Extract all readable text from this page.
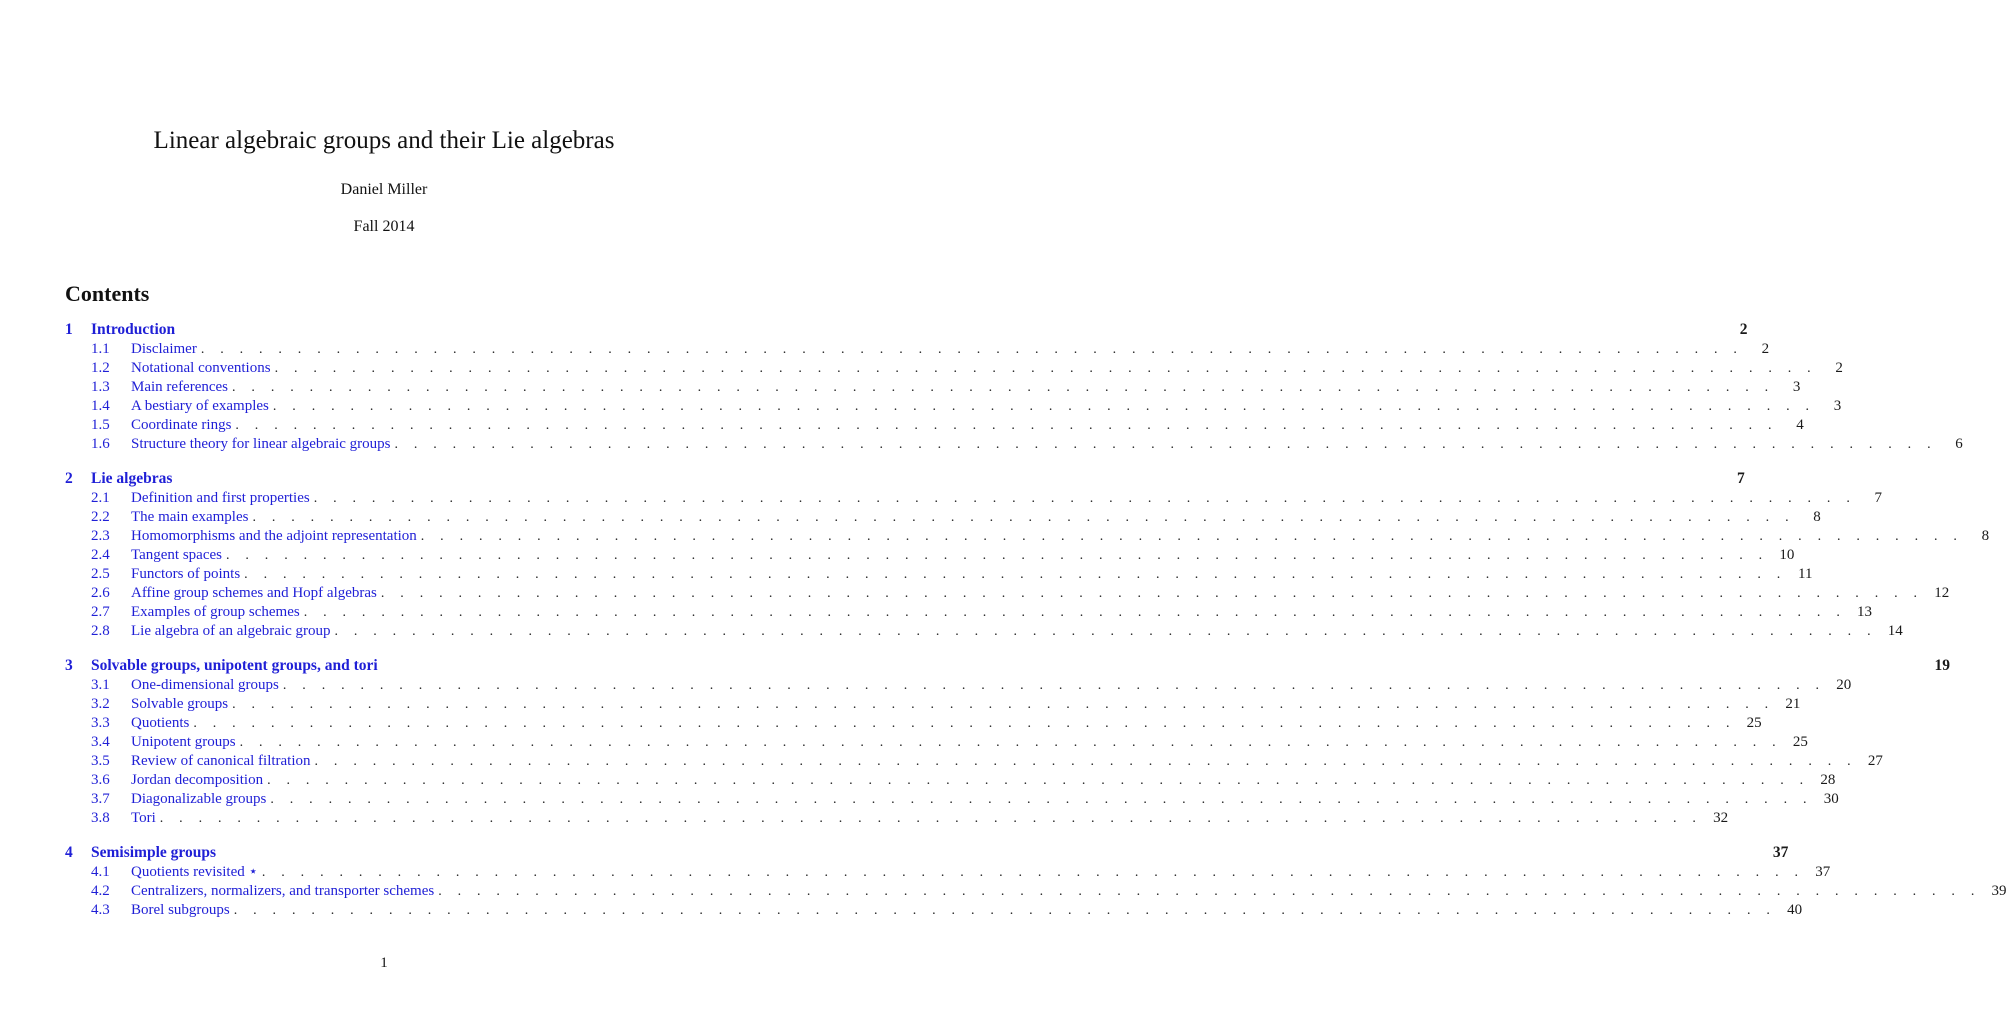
Linear algebraic groups and their Lie algebras
Daniel Miller
Fall 2014
Contents
1	Introduction	2
1.1	Disclaimer . . . . . . . . . . . . . . . . . . . . . . . . . . . . . . . . . . . . . . . . . . . . . . . . . . . . . . . . . . . . . . . . . . . . . . . . . . . . . . . .	2
1.2	Notational conventions . . . . . . . . . . . . . . . . . . . . . . . . . . . . . . . . . . . . . . . . . . . . . . . . . . . . . . . . . . . . . . . . . . . . . . . . . . . . . . . .	2
1.3	Main references . . . . . . . . . . . . . . . . . . . . . . . . . . . . . . . . . . . . . . . . . . . . . . . . . . . . . . . . . . . . . . . . . . . . . . . . . . . . . . . .	3
1.4	A bestiary of examples . . . . . . . . . . . . . . . . . . . . . . . . . . . . . . . . . . . . . . . . . . . . . . . . . . . . . . . . . . . . . . . . . . . . . . . . . . . . . . . .	3
1.5	Coordinate rings . . . . . . . . . . . . . . . . . . . . . . . . . . . . . . . . . . . . . . . . . . . . . . . . . . . . . . . . . . . . . . . . . . . . . . . . . . . . . . . .	4
1.6	Structure theory for linear algebraic groups . . . . . . . . . . . . . . . . . . . . . . . . . . . . . . . . . . . . . . . . . . . . . . . . . . . . . . . . . . . . . . . . . . . . . . . . . . . . . . . .	6
2	Lie algebras	7
2.1	Definition and first properties . . . . . . . . . . . . . . . . . . . . . . . . . . . . . . . . . . . . . . . . . . . . . . . . . . . . . . . . . . . . . . . . . . . . . . . . . . . . . . . .	7
2.2	The main examples . . . . . . . . . . . . . . . . . . . . . . . . . . . . . . . . . . . . . . . . . . . . . . . . . . . . . . . . . . . . . . . . . . . . . . . . . . . . . . . .	8
2.3	Homomorphisms and the adjoint representation . . . . . . . . . . . . . . . . . . . . . . . . . . . . . . . . . . . . . . . . . . . . . . . . . . . . . . . . . . . . . . . . . . . . . . . . . . . . . . . .	8
2.4	Tangent spaces . . . . . . . . . . . . . . . . . . . . . . . . . . . . . . . . . . . . . . . . . . . . . . . . . . . . . . . . . . . . . . . . . . . . . . . . . . . . . . . . 10
2.5	Functors of points . . . . . . . . . . . . . . . . . . . . . . . . . . . . . . . . . . . . . . . . . . . . . . . . . . . . . . . . . . . . . . . . . . . . . . . . . . . . . . . . 11
2.6	Affine group schemes and Hopf algebras . . . . . . . . . . . . . . . . . . . . . . . . . . . . . . . . . . . . . . . . . . . . . . . . . . . . . . . . . . . . . . . . . . . . . . . . . . . . . . . . 12
2.7	Examples of group schemes . . . . . . . . . . . . . . . . . . . . . . . . . . . . . . . . . . . . . . . . . . . . . . . . . . . . . . . . . . . . . . . . . . . . . . . . . . . . . . . . 13
2.8	Lie algebra of an algebraic group . . . . . . . . . . . . . . . . . . . . . . . . . . . . . . . . . . . . . . . . . . . . . . . . . . . . . . . . . . . . . . . . . . . . . . . . . . . . . . . . 14
3	Solvable groups, unipotent groups, and tori	19
3.1	One-dimensional groups . . . . . . . . . . . . . . . . . . . . . . . . . . . . . . . . . . . . . . . . . . . . . . . . . . . . . . . . . . . . . . . . . . . . . . . . . . . . . . . . 20
3.2	Solvable groups . . . . . . . . . . . . . . . . . . . . . . . . . . . . . . . . . . . . . . . . . . . . . . . . . . . . . . . . . . . . . . . . . . . . . . . . . . . . . . . . 21
3.3	Quotients . . . . . . . . . . . . . . . . . . . . . . . . . . . . . . . . . . . . . . . . . . . . . . . . . . . . . . . . . . . . . . . . . . . . . . . . . . . . . . . . 25
3.4	Unipotent groups . . . . . . . . . . . . . . . . . . . . . . . . . . . . . . . . . . . . . . . . . . . . . . . . . . . . . . . . . . . . . . . . . . . . . . . . . . . . . . . . 25
3.5	Review of canonical filtration . . . . . . . . . . . . . . . . . . . . . . . . . . . . . . . . . . . . . . . . . . . . . . . . . . . . . . . . . . . . . . . . . . . . . . . . . . . . . . . . 27
3.6	Jordan decomposition . . . . . . . . . . . . . . . . . . . . . . . . . . . . . . . . . . . . . . . . . . . . . . . . . . . . . . . . . . . . . . . . . . . . . . . . . . . . . . . . 28
3.7	Diagonalizable groups . . . . . . . . . . . . . . . . . . . . . . . . . . . . . . . . . . . . . . . . . . . . . . . . . . . . . . . . . . . . . . . . . . . . . . . . . . . . . . . . 30
3.8	Tori . . . . . . . . . . . . . . . . . . . . . . . . . . . . . . . . . . . . . . . . . . . . . . . . . . . . . . . . . . . . . . . . . . . . . . . . . . . . . . . . 32
4	Semisimple groups	37
4.1	Quotients revisited ⋆ . . . . . . . . . . . . . . . . . . . . . . . . . . . . . . . . . . . . . . . . . . . . . . . . . . . . . . . . . . . . . . . . . . . . . . . . . . . . . . . . 37
4.2	Centralizers, normalizers, and transporter schemes . . . . . . . . . . . . . . . . . . . . . . . . . . . . . . . . . . . . . . . . . . . . . . . . . . . . . . . . . . . . . . . . . . . . . . . . . . . . . . . . 39
4.3	Borel subgroups . . . . . . . . . . . . . . . . . . . . . . . . . . . . . . . . . . . . . . . . . . . . . . . . . . . . . . . . . . . . . . . . . . . . . . . . . . . . . . . . 40
1
